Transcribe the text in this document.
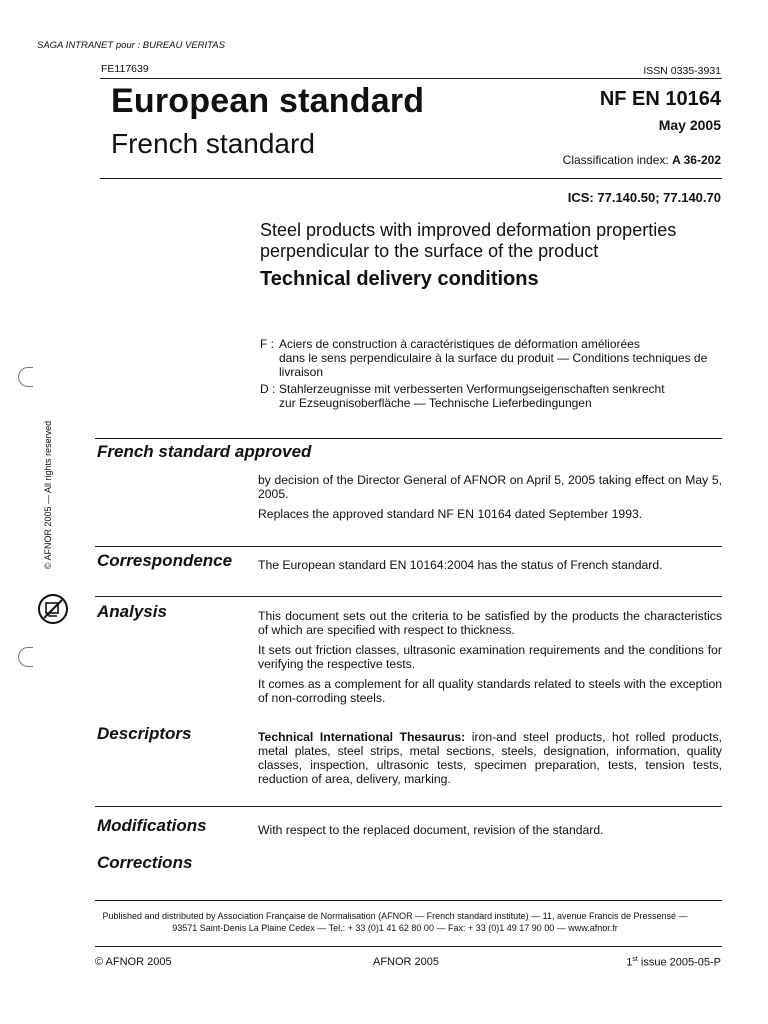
SAGA INTRANET pour : BUREAU VERITAS
FE117639	ISSN 0335-3931
European standard
French standard
NF EN 10164
May 2005
Classification index: A 36-202
ICS: 77.140.50; 77.140.70
Steel products with improved deformation properties perpendicular to the surface of the product
Technical delivery conditions
F : Aciers de construction à caractéristiques de déformation améliorées
dans le sens perpendiculaire à la surface du produit — Conditions techniques de livraison
D : Stahlerzeugnisse mit verbesserten Verformungseigenschaften senkrecht
zur Ezseugnisoberfläche — Technische Lieferbedingungen
French standard approved

by decision of the Director General of AFNOR on April 5, 2005 taking effect on May 5, 2005.

Replaces the approved standard NF EN 10164 dated September 1993.

Correspondence The European standard EN 10164:2004 has the status of French standard.

Analysis	This document sets out the criteria to be satisfied by the products the characteristics of which are specified with respect to thickness.

It sets out friction classes, ultrasonic examination requirements and the conditions for verifying the respective tests.

It comes as a complement for all quality standards related to steels with the exception of non-corroding steels.

Descriptors	Technical International Thesaurus: iron-and steel products, hot rolled products, metal plates, steel strips, metal sections, steels, designation, information, quality classes, inspection, ultrasonic tests, specimen preparation, tests, tension tests, reduction of area, delivery, marking.

Modifications	With respect to the replaced document, revision of the standard.

Corrections
Published and distributed by Association Française de Normalisation (AFNOR — French standard institute) — 11, avenue Francis de Pressensé —
93571 Saint-Denis La Plaine Cedex — Tel.: + 33 (0)1 41 62 80 00 — Fax: + 33 (0)1 49 17 90 00 — www.afnor.fr
© AFNOR 2005	AFNOR 2005	1st issue 2005-05-P
© AFNOR 2005 — All rights reserved
